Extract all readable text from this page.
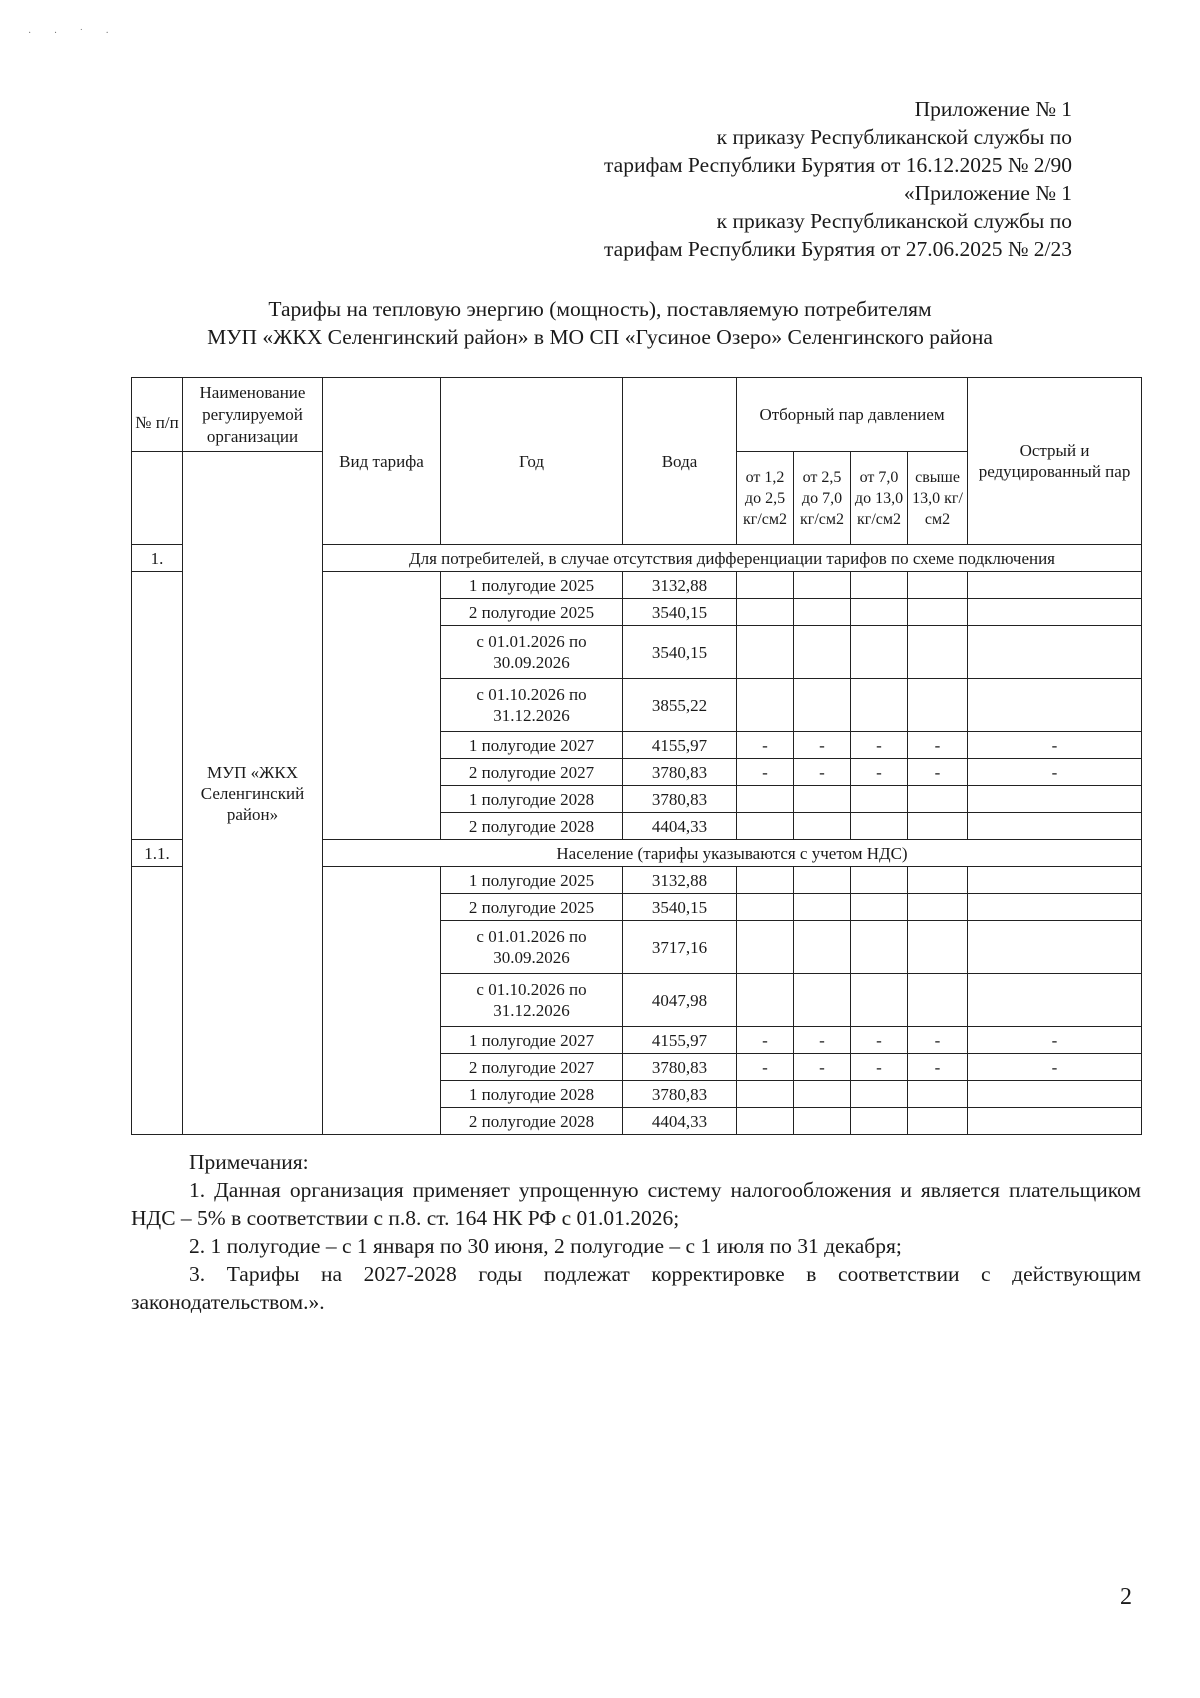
· · ˙ ·
Приложение № 1
к приказу Республиканской службы по
тарифам Республики Бурятия от 16.12.2025 № 2/90
«Приложение № 1
к приказу Республиканской службы по
тарифам Республики Бурятия от 27.06.2025 № 2/23
Тарифы на тепловую энергию (мощность), поставляемую потребителям
МУП «ЖКХ Селенгинский район» в МО СП «Гусиное Озеро» Селенгинского района
№ п/п	Наименование регулируемой организации	Вид тарифа	Год	Вода	Отборный пар давлением				Острый и редуцированный пар
	МУП «ЖКХ Селенгинский район»				от 1,2 до 2,5 кг/см2	от 2,5 до 7,0 кг/см2	от 7,0 до 13,0 кг/см2	свыше 13,0 кг/см2	
1.		Для потребителей, в случае отсутствия дифференциации тарифов по схеме подключения							
			1 полугодие 2025	3132,88					
			2 полугодие 2025	3540,15					
			с 01.01.2026 по 30.09.2026	3540,15					
			с 01.10.2026 по 31.12.2026	3855,22					
			1 полугодие 2027	4155,97	-	-	-	-	-
			2 полугодие 2027	3780,83	-	-	-	-	-
			1 полугодие 2028	3780,83					
			2 полугодие 2028	4404,33					
1.1.		Население (тарифы указываются с учетом НДС)							
			1 полугодие 2025	3132,88					
			2 полугодие 2025	3540,15					
			с 01.01.2026 по 30.09.2026	3717,16					
			с 01.10.2026 по 31.12.2026	4047,98					
			1 полугодие 2027	4155,97	-	-	-	-	-
			2 полугодие 2027	3780,83	-	-	-	-	-
			1 полугодие 2028	3780,83					
			2 полугодие 2028	4404,33					

Примечания:

1. Данная организация применяет упрощенную систему налогообложения и является плательщиком НДС – 5% в соответствии с п.8. ст. 164 НК РФ с 01.01.2026;

2. 1 полугодие – с 1 января по 30 июня, 2 полугодие – с 1 июля по 31 декабря;

3. Тарифы на 2027-2028 годы подлежат корректировке в соответствии с действующим законодательством.».

2
